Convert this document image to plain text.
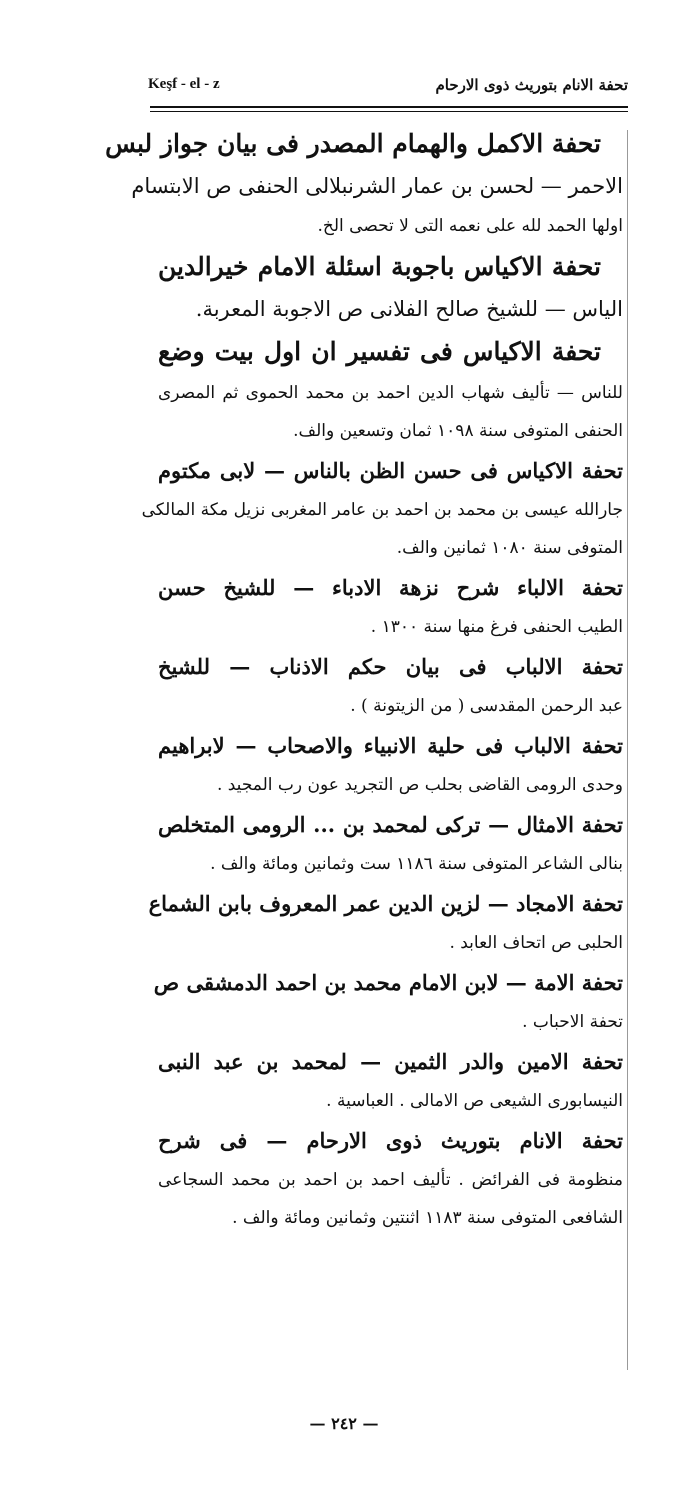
تحفة الانام بتوريث ذوى الارحام
Keşf - el - z
تحفة الاكمل والهمام المصدر فى بيان جواز لبس
الاحمر — لحسن بن عمار الشرنبلالى الحنفى ص الابتسام
اولها الحمد لله على نعمه التى لا تحصى الخ.
تحفة الاكياس باجوبة اسئلة الامام خيرالدين
الياس — للشيخ صالح الفلانى ص الاجوبة المعربة.
تحفة الاكياس فى تفسير ان اول بيت وضع
للناس — تأليف شهاب الدين احمد بن محمد الحموى ثم المصرى
الحنفى المتوفى سنة ١٠٩٨ ثمان وتسعين والف.
تحفة الاكياس فى حسن الظن بالناس — لابى مكتوم
جارالله عيسى بن محمد بن احمد بن عامر المغربى نزيل مكة المالكى
المتوفى سنة ١٠٨٠ ثمانين والف.
تحفة الالباء شرح نزهة الادباء — للشيخ حسن
الطيب الحنفى فرغ منها سنة ١٣٠٠ .
تحفة الالباب فى بيان حكم الاذناب — للشيخ
عبد الرحمن المقدسى ( من الزيتونة ) .
تحفة الالباب فى حلية الانبياء والاصحاب — لابراهيم
وحدى الرومى القاضى بحلب ص التجريد عون رب المجيد .
تحفة الامثال — تركى لمحمد بن ... الرومى المتخلص
بنالى الشاعر المتوفى سنة ١١٨٦ ست وثمانين ومائة والف .
تحفة الامجاد — لزين الدين عمر المعروف بابن الشماع
الحلبى ص اتحاف العابد .
تحفة الامة — لابن الامام محمد بن احمد الدمشقى ص
تحفة الاحباب .
تحفة الامين والدر الثمين — لمحمد بن عبد النبى
النيسابورى الشيعى ص الامالى . العباسية .
تحفة الانام بتوريث ذوى الارحام — فى شرح
منظومة فى الفرائض . تأليف احمد بن احمد بن محمد السجاعى
الشافعى المتوفى سنة ١١٨٣ اثنتين وثمانين ومائة والف .
— ٢٤٢ —
